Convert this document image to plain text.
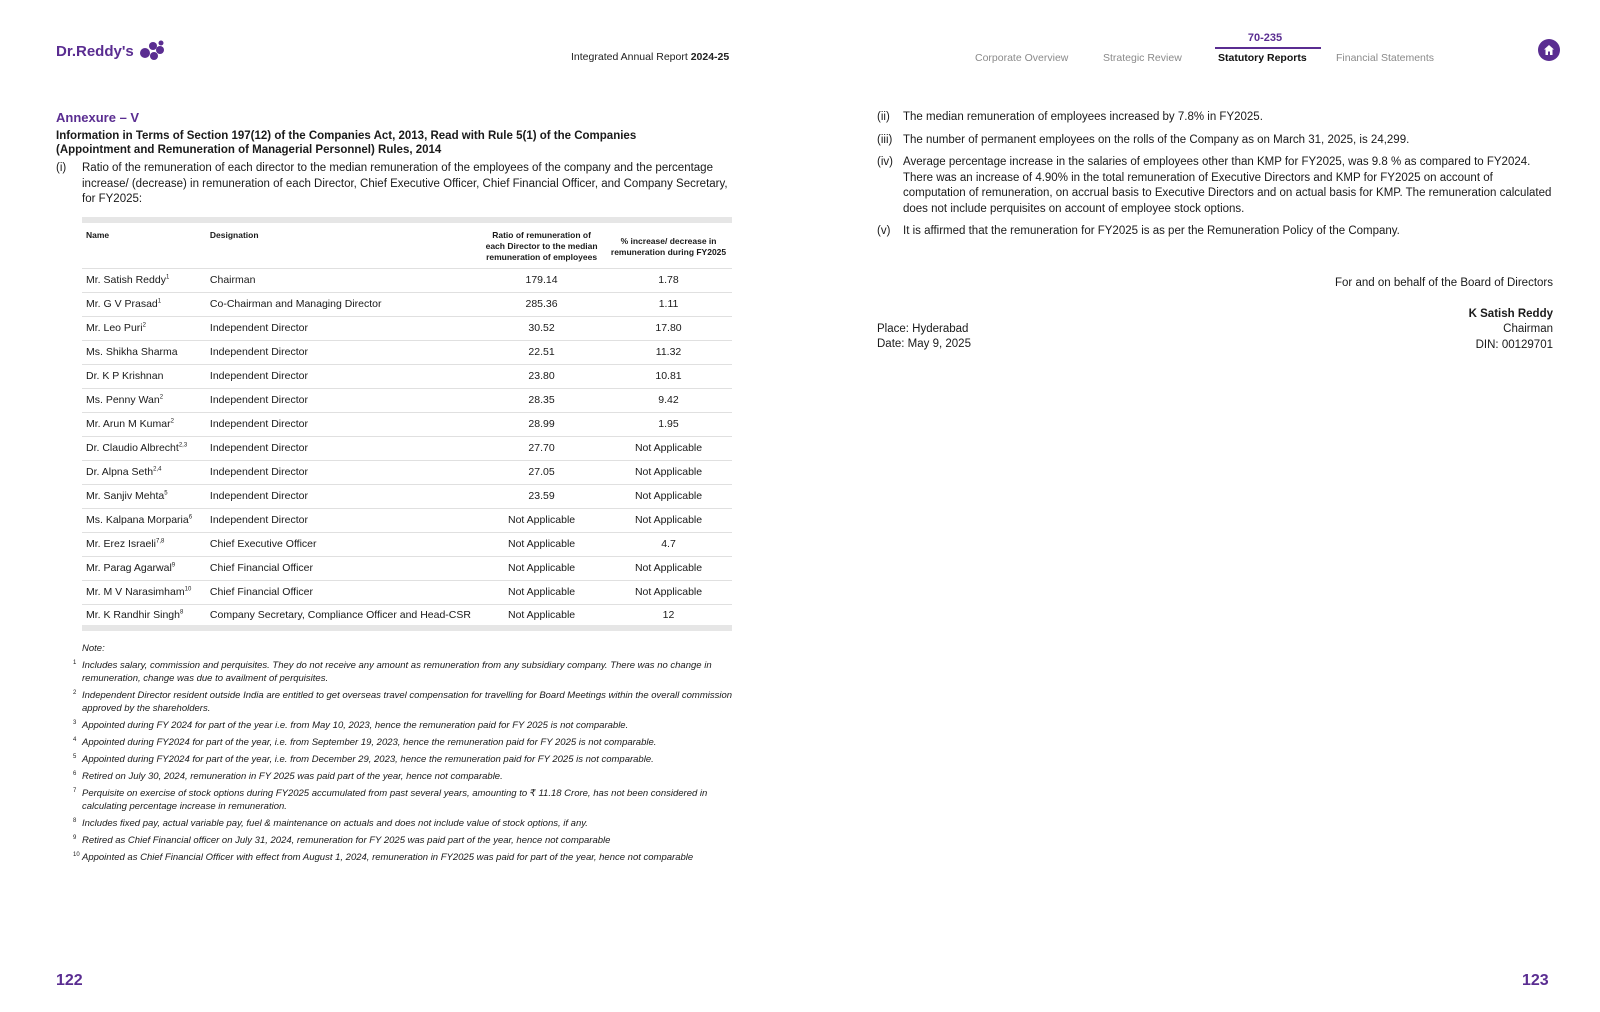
Dr.Reddy's	Integrated Annual Report 2024-25
70-235
Corporate Overview	Strategic Review	Statutory Reports	Financial Statements
Annexure – V
Information in Terms of Section 197(12) of the Companies Act, 2013, Read with Rule 5(1) of the Companies (Appointment and Remuneration of Managerial Personnel) Rules, 2014
(i)	Ratio of the remuneration of each director to the median remuneration of the employees of the company and the percentage increase/ (decrease) in remuneration of each Director, Chief Executive Officer, Chief Financial Officer, and Company Secretary, for FY2025:
Name	Designation	Ratio of remuneration of each Director to the median remuneration of employees	% increase/ decrease in remuneration during FY2025
Mr. Satish Reddy$^1$	Chairman	179.14	1.78
Mr. G V Prasad$^1$	Co-Chairman and Managing Director	285.36	1.11
Mr. Leo Puri$^2$	Independent Director	30.52	17.80
Ms. Shikha Sharma	Independent Director	22.51	11.32
Dr. K P Krishnan	Independent Director	23.80	10.81
Ms. Penny Wan$^2$	Independent Director	28.35	9.42
Mr. Arun M Kumar$^2$	Independent Director	28.99	1.95
Dr. Claudio Albrecht$^{2,3}$	Independent Director	27.70	Not Applicable
Dr. Alpna Seth$^{2,4}$	Independent Director	27.05	Not Applicable
Mr. Sanjiv Mehta$^5$	Independent Director	23.59	Not Applicable
Ms. Kalpana Morparia$^6$	Independent Director	Not Applicable	Not Applicable
Mr. Erez Israeli$^{7,8}$	Chief Executive Officer	Not Applicable	4.7
Mr. Parag Agarwal$^9$	Chief Financial Officer	Not Applicable	Not Applicable
Mr. M V Narasimham$^{10}$	Chief Financial Officer	Not Applicable	Not Applicable
Mr. K Randhir Singh$^8$	Company Secretary, Compliance Officer and Head-CSR	Not Applicable	12
Note:
1 Includes salary, commission and perquisites. They do not receive any amount as remuneration from any subsidiary company. There was no change in remuneration, change was due to availment of perquisites.
2 Independent Director resident outside India are entitled to get overseas travel compensation for travelling for Board Meetings within the overall commission approved by the shareholders.
3 Appointed during FY 2024 for part of the year i.e. from May 10, 2023, hence the remuneration paid for FY 2025 is not comparable.
4 Appointed during FY2024 for part of the year, i.e. from September 19, 2023, hence the remuneration paid for FY 2025 is not comparable.
5 Appointed during FY2024 for part of the year, i.e. from December 29, 2023, hence the remuneration paid for FY 2025 is not comparable.
6 Retired on July 30, 2024, remuneration in FY 2025 was paid part of the year, hence not comparable.
7 Perquisite on exercise of stock options during FY2025 accumulated from past several years, amounting to ₹ 11.18 Crore, has not been considered in calculating percentage increase in remuneration.
8 Includes fixed pay, actual variable pay, fuel & maintenance on actuals and does not include value of stock options, if any.
9 Retired as Chief Financial officer on July 31, 2024, remuneration for FY 2025 was paid part of the year, hence not comparable
10 Appointed as Chief Financial Officer with effect from August 1, 2024, remuneration in FY2025 was paid for part of the year, hence not comparable
122
(ii)	The median remuneration of employees increased by 7.8% in FY2025.
(iii) The number of permanent employees on the rolls of the Company as on March 31, 2025, is 24,299.
(iv) Average percentage increase in the salaries of employees other than KMP for FY2025, was 9.8 % as compared to FY2024. There was an increase of 4.90% in the total remuneration of Executive Directors and KMP for FY2025 on account of computation of remuneration, on accrual basis to Executive Directors and on actual basis for KMP. The remuneration calculated does not include perquisites on account of employee stock options.
(v)	It is affirmed that the remuneration for FY2025 is as per the Remuneration Policy of the Company.
For and on behalf of the Board of Directors
K Satish Reddy
Chairman
DIN: 00129701
Place: Hyderabad
Date: May 9, 2025
123
